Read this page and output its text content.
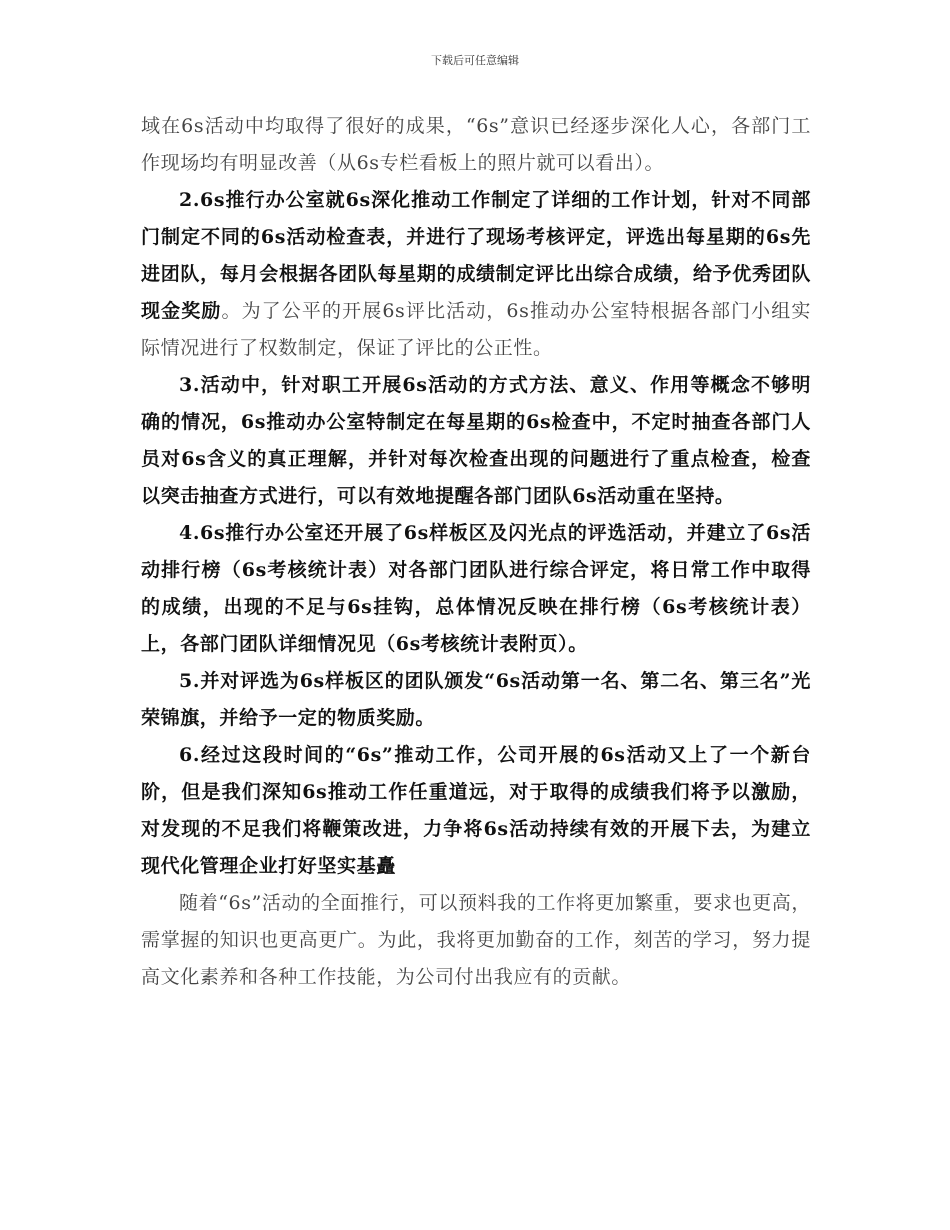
下载后可任意编辑

域在6s活动中均取得了很好的成果，“6s”意识已经逐步深化人心，各部门工作现场均有明显改善（从6s专栏看板上的照片就可以看出）。

2.6s推行办公室就6s深化推动工作制定了详细的工作计划，针对不同部门制定不同的6s活动检查表，并进行了现场考核评定，评选出每星期的6s先进团队，每月会根据各团队每星期的成绩制定评比出综合成绩，给予优秀团队现金奖励。为了公平的开展6s评比活动，6s推动办公室特根据各部门小组实际情况进行了权数制定，保证了评比的公正性。

3.活动中，针对职工开展6s活动的方式方法、意义、作用等概念不够明确的情况，6s推动办公室特制定在每星期的6s检查中，不定时抽查各部门人员对6s含义的真正理解，并针对每次检查出现的问题进行了重点检查，检查以突击抽查方式进行，可以有效地提醒各部门团队6s活动重在坚持。

4.6s推行办公室还开展了6s样板区及闪光点的评选活动，并建立了6s活动排行榜（6s考核统计表）对各部门团队进行综合评定，将日常工作中取得的成绩，出现的不足与6s挂钩，总体情况反映在排行榜（6s考核统计表）上，各部门团队详细情况见（6s考核统计表附页）。

5.并对评选为6s样板区的团队颁发“6s活动第一名、第二名、第三名”光荣锦旗，并给予一定的物质奖励。

6.经过这段时间的“6s”推动工作，公司开展的6s活动又上了一个新台阶，但是我们深知6s推动工作任重道远，对于取得的成绩我们将予以激励，对发现的不足我们将鞭策改进，力争将6s活动持续有效的开展下去，为建立现代化管理企业打好坚实基矗

随着“6s”活动的全面推行，可以预料我的工作将更加繁重，要求也更高，需掌握的知识也更高更广。为此，我将更加勤奋的工作，刻苦的学习，努力提高文化素养和各种工作技能，为公司付出我应有的贡献。
